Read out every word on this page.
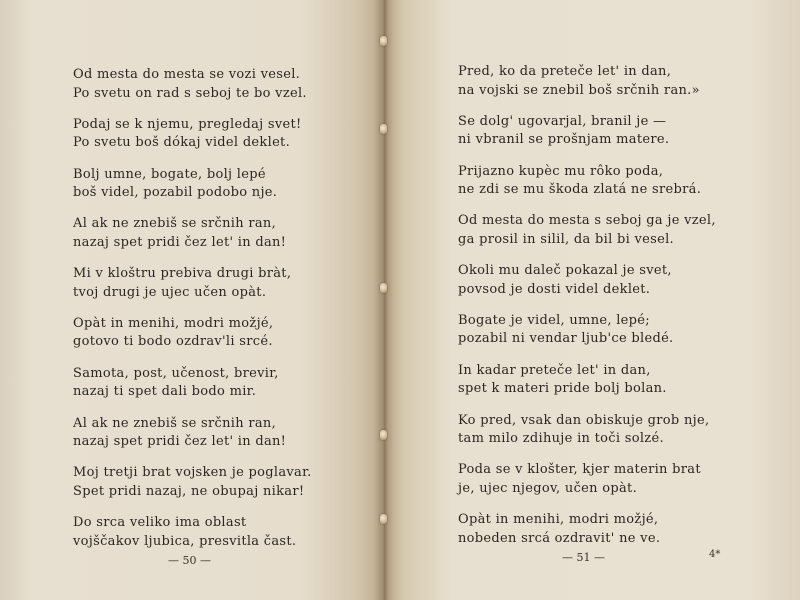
Od mesta do mesta se vozi vesel.
Po svetu on rad s seboj te bo vzel.
Podaj se k njemu, pregledaj svet!
Po svetu boš dókaj videl deklet.
Bolj umne, bogate, bolj lepé
boš videl, pozabil podobo nje.
Al ak ne znebiš se srčnih ran,
nazaj spet pridi čez let' in dan!
Mi v kloštru prebiva drugi bràt,
tvoj drugi je ujec učen opàt.
Opàt in menihi, modri možjé,
gotovo ti bodo ozdrav'li srcé.
Samota, post, učenost, brevir,
nazaj ti spet dali bodo mir.
Al ak ne znebiš se srčnih ran,
nazaj spet pridi čez let' in dan!
Moj tretji brat vojsken je poglavar.
Spet pridi nazaj, ne obupaj nikar!
Do srca veliko ima oblast
vojščakov ljubica, presvitla čast.
— 50 —
Pred, ko da preteče let' in dan,
na vojski se znebil boš srčnih ran.»
Se dolg' ugovarjal, branil je —
ni vbranil se prošnjam matere.
Prijazno kupèc mu rôko poda,
ne zdi se mu škoda zlatá ne srebrá.
Od mesta do mesta s seboj ga je vzel,
ga prosil in silil, da bil bi vesel.
Okoli mu daleč pokazal je svet,
povsod je dosti videl deklet.
Bogate je videl, umne, lepé;
pozabil ni vendar ljub'ce bledé.
In kadar preteče let' in dan,
spet k materi pride bolj bolan.
Ko pred, vsak dan obiskuje grob nje,
tam milo zdihuje in toči solzé.
Poda se v klošter, kjer materin brat
je, ujec njegov, učen opàt.
Opàt in menihi, modri možjé,
nobeden srcá ozdravit' ne ve.
— 51 —	4*
